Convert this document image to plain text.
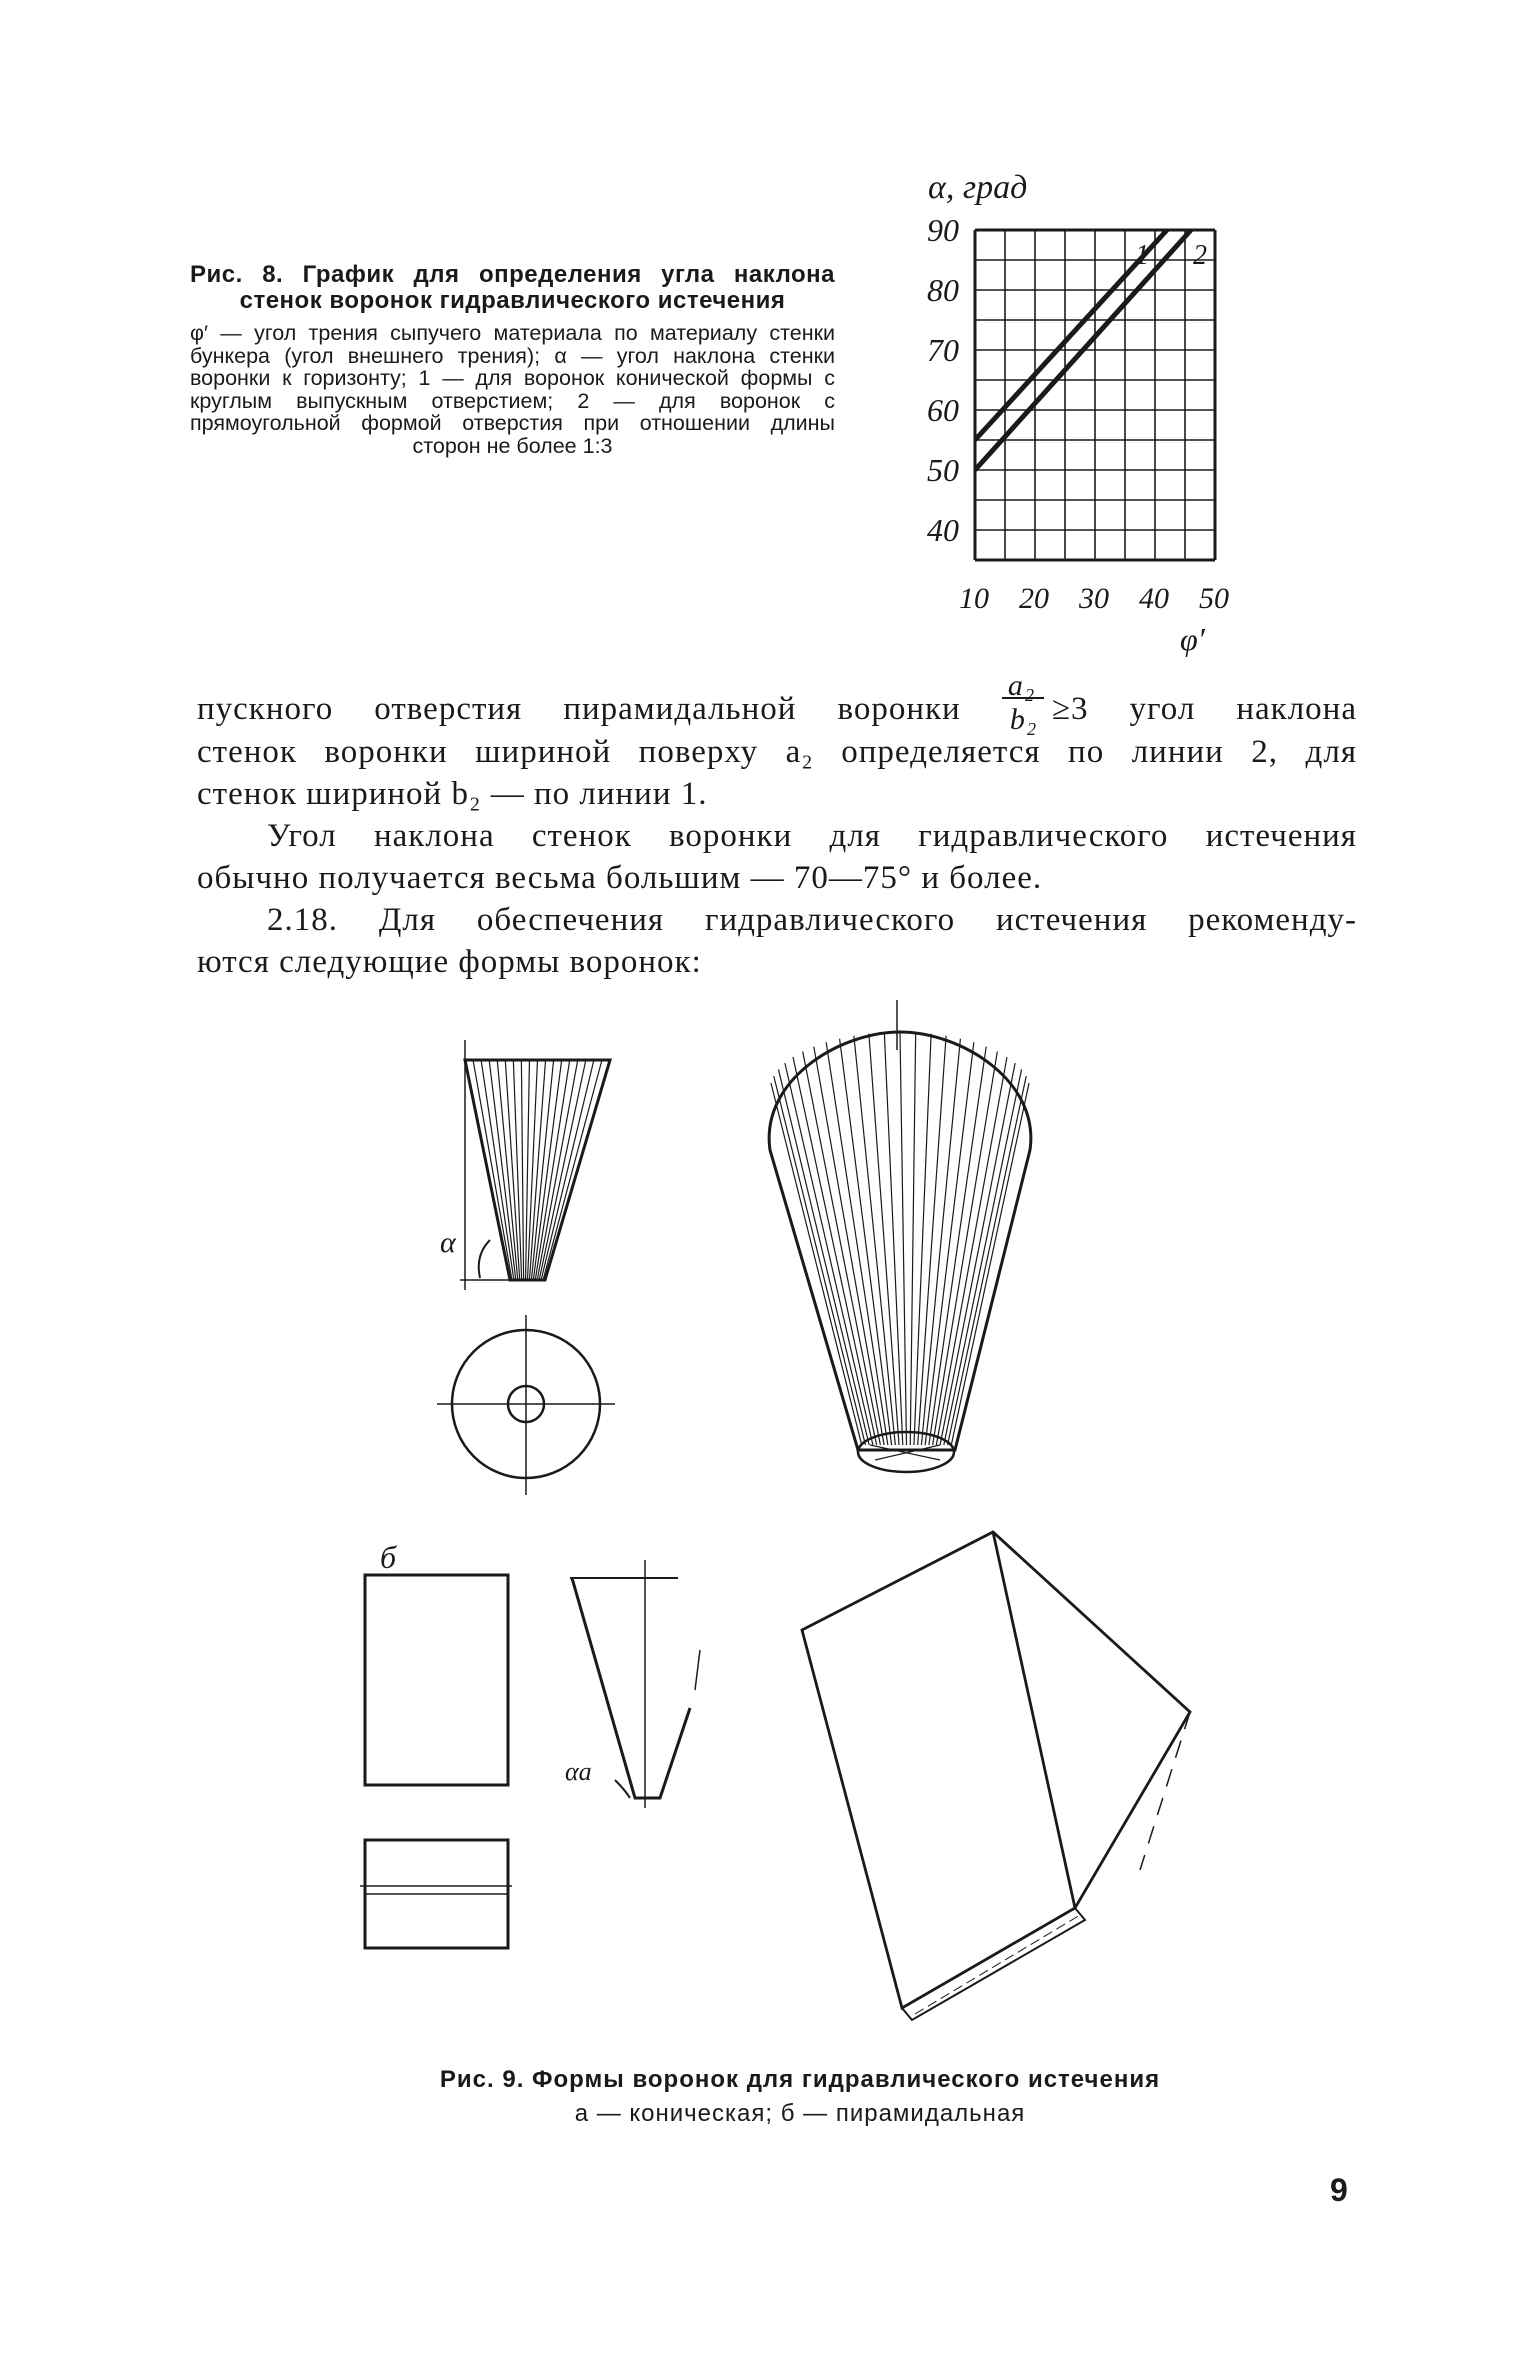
Рис. 8. График для определения угла наклона стенок воронок гидравлического истечения
φ′ — угол трения сыпучего материала по материалу стенки бункера (угол внешнего трения); α — угол наклона стенки воронки к горизонту; 1 — для воронок конической формы с круглым выпускным отверстием; 2 — для воронок с прямоугольной формой отверстия при отношении длины сторон не более 1:3
1 2
40
50
60
70
80
90
10 20 30 40 50
α, град
φ′
пускного отверстия пирамидальной воронки $\frac{\text{a₂}}{\text{b₂}} \ge 3$ угол наклона
стенок воронки шириной поверху a₂ определяется по линии 2, для
стенок шириной b₂ — по линии 1.
Угол наклона стенок воронки для гидравлического истечения
обычно получается весьма большим — 70—75° и более.
2.18. Для обеспечения гидравлического истечения рекоменду-
ются следующие формы воронок:
α
б
αa
Рис. 9. Формы воронок для гидравлического истечения
а — коническая; б — пирамидальная
9
